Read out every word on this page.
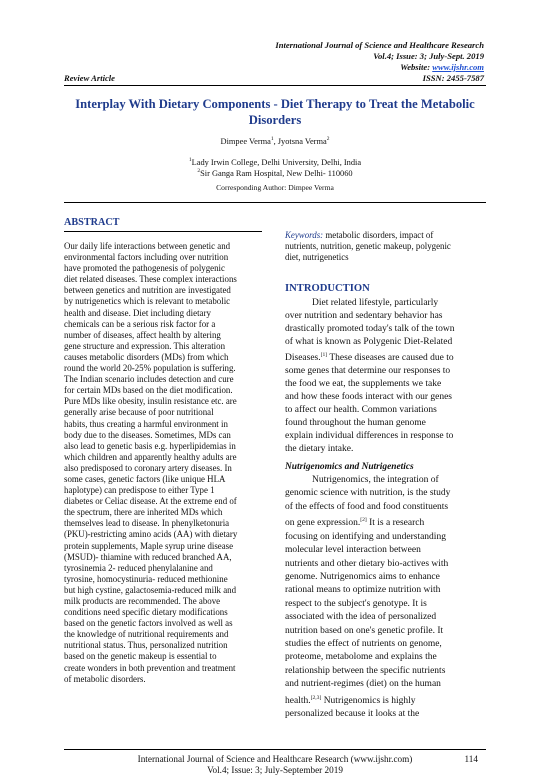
International Journal of Science and Healthcare Research
Vol.4; Issue: 3; July-Sept. 2019
Website: www.ijshr.com
Review Article	ISSN: 2455-7587
Interplay With Dietary Components - Diet Therapy to Treat the Metabolic Disorders
Dimpee Verma$^1$, Jyotsna Verma$^2$
$^1$Lady Irwin College, Delhi University, Delhi, India
$^2$Sir Ganga Ram Hospital, New Delhi- 110060
Corresponding Author: Dimpee Verma
ABSTRACT
Our daily life interactions between genetic and
environmental factors including over nutrition
have promoted the pathogenesis of polygenic
diet related diseases. These complex interactions
between genetics and nutrition are investigated
by nutrigenetics which is relevant to metabolic
health and disease. Diet including dietary
chemicals can be a serious risk factor for a
number of diseases, affect health by altering
gene structure and expression. This alteration
causes metabolic disorders (MDs) from which
round the world 20-25% population is suffering.
The Indian scenario includes detection and cure
for certain MDs based on the diet modification.
Pure MDs like obesity, insulin resistance etc. are
generally arise because of poor nutritional
habits, thus creating a harmful environment in
body due to the diseases. Sometimes, MDs can
also lead to genetic basis e.g. hyperlipidemias in
which children and apparently healthy adults are
also predisposed to coronary artery diseases. In
some cases, genetic factors (like unique HLA
haplotype) can predispose to either Type 1
diabetes or Celiac disease. At the extreme end of
the spectrum, there are inherited MDs which
themselves lead to disease. In phenylketonuria
(PKU)-restricting amino acids (AA) with dietary
protein supplements, Maple syrup urine disease
(MSUD)- thiamine with reduced branched AA,
tyrosinemia 2- reduced phenylalanine and
tyrosine, homocystinuria- reduced methionine
but high cystine, galactosemia-reduced milk and
milk products are recommended. The above
conditions need specific dietary modifications
based on the genetic factors involved as well as
the knowledge of nutritional requirements and
nutritional status. Thus, personalized nutrition
based on the genetic makeup is essential to
create wonders in both prevention and treatment
of metabolic disorders.

Keywords: metabolic disorders, impact of

nutrients, nutrition, genetic makeup, polygenic

diet, nutrigenetics

INTRODUCTION
Diet related lifestyle, particularly
over nutrition and sedentary behavior has
drastically promoted today's talk of the town
of what is known as Polygenic Diet-Related
Diseases.[1] These diseases are caused due to
some genes that determine our responses to
the food we eat, the supplements we take
and how these foods interact with our genes
to affect our health. Common variations
found throughout the human genome
explain individual differences in response to
the dietary intake.
Nutrigenomics and Nutrigenetics
Nutrigenomics, the integration of
genomic science with nutrition, is the study
of the effects of food and food constituents
on gene expression.[2] It is a research
focusing on identifying and understanding
molecular level interaction between
nutrients and other dietary bio-actives with
genome. Nutrigenomics aims to enhance
rational means to optimize nutrition with
respect to the subject's genotype. It is
associated with the idea of personalized
nutrition based on one's genetic profile. It
studies the effect of nutrients on genome,
proteome, metabolome and explains the
relationship between the specific nutrients
and nutrient-regimes (diet) on the human
health.[2,3] Nutrigenomics is highly
personalized because it looks at the
International Journal of Science and Healthcare Research (www.ijshr.com)
Vol.4; Issue: 3; July-September 2019
114
